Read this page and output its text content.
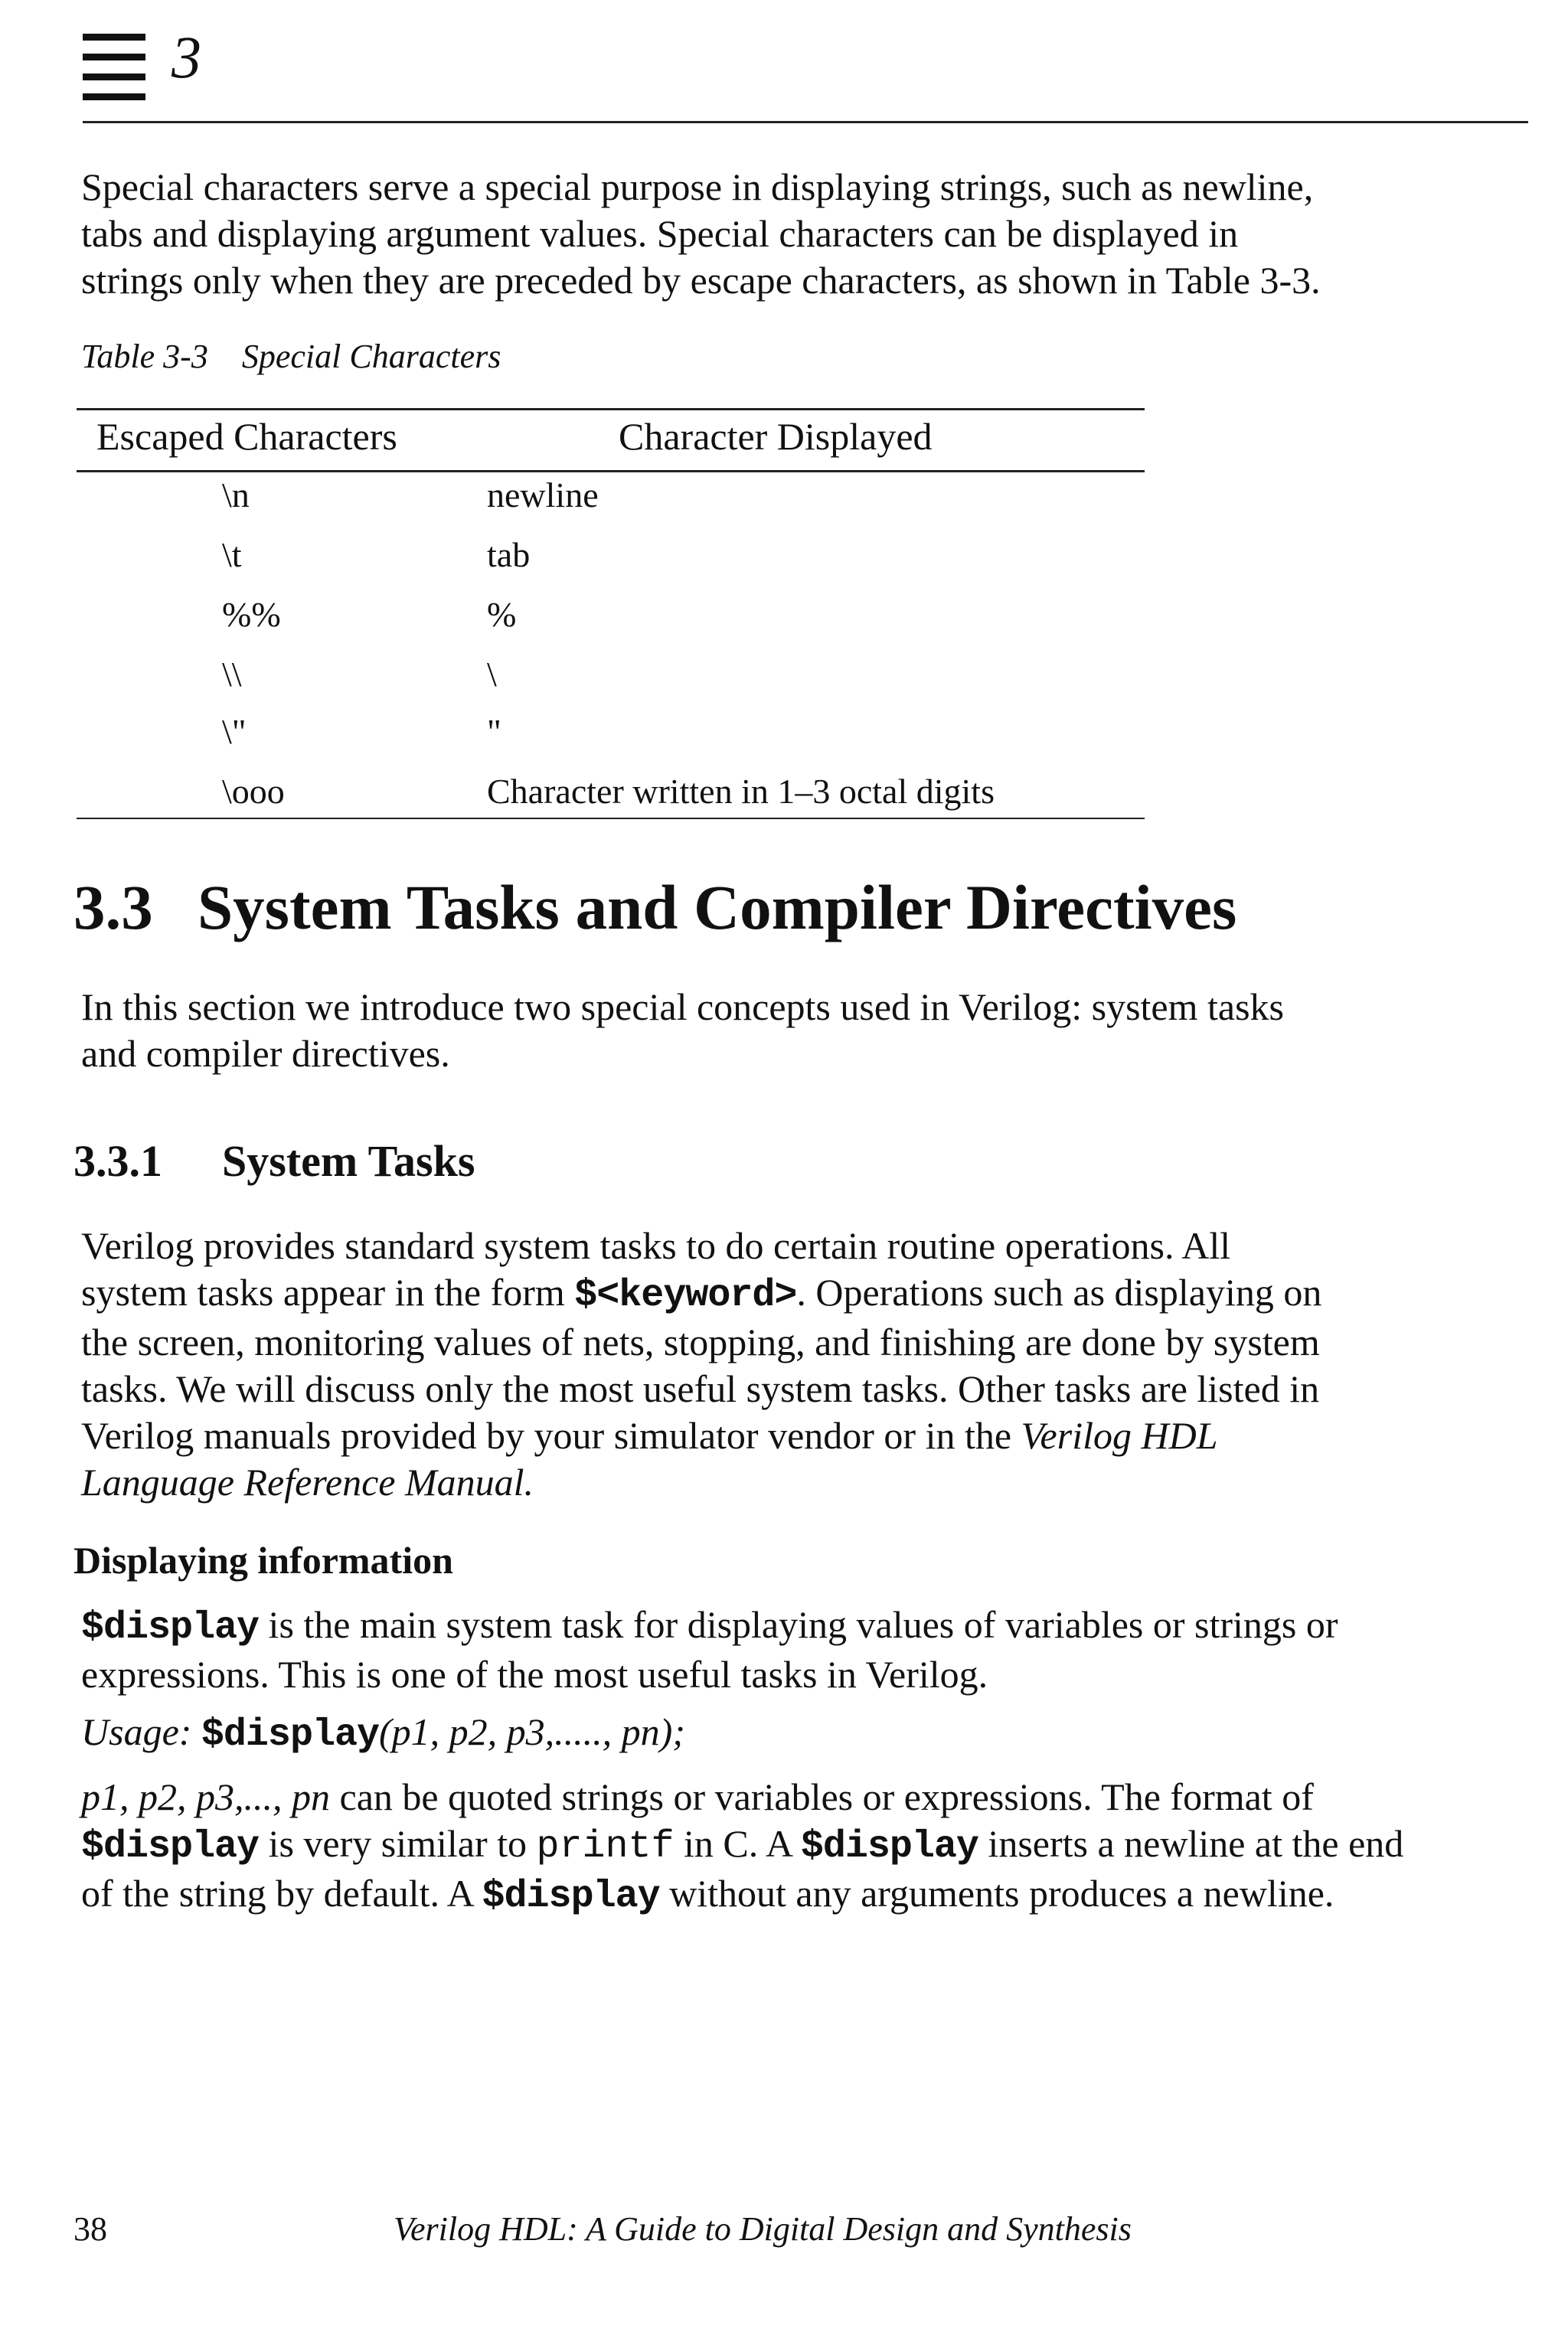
3
Special characters serve a special purpose in displaying strings, such as newline,
tabs and displaying argument values. Special characters can be displayed in
strings only when they are preceded by escape characters, as shown in Table 3-3.
Table 3-3 Special Characters
Escaped Characters	Character Displayed
\n	newline
\t	tab
%%	%
\\	\
\"	"
\ooo	Character written in 1–3 octal digits
3.3 System Tasks and Compiler Directives
In this section we introduce two special concepts used in Verilog: system tasks
and compiler directives.
3.3.1 System Tasks
Verilog provides standard system tasks to do certain routine operations. All
system tasks appear in the form $<keyword>. Operations such as displaying on
the screen, monitoring values of nets, stopping, and finishing are done by system
tasks. We will discuss only the most useful system tasks. Other tasks are listed in
Verilog manuals provided by your simulator vendor or in the Verilog HDL
Language Reference Manual.
Displaying information
$display is the main system task for displaying values of variables or strings or
expressions. This is one of the most useful tasks in Verilog.
Usage: $display(p1, p2, p3,....., pn);
p1, p2, p3,..., pn can be quoted strings or variables or expressions. The format of
$display is very similar to printf in C. A $display inserts a newline at the end
of the string by default. A $display without any arguments produces a newline.
38	Verilog HDL: A Guide to Digital Design and Synthesis
